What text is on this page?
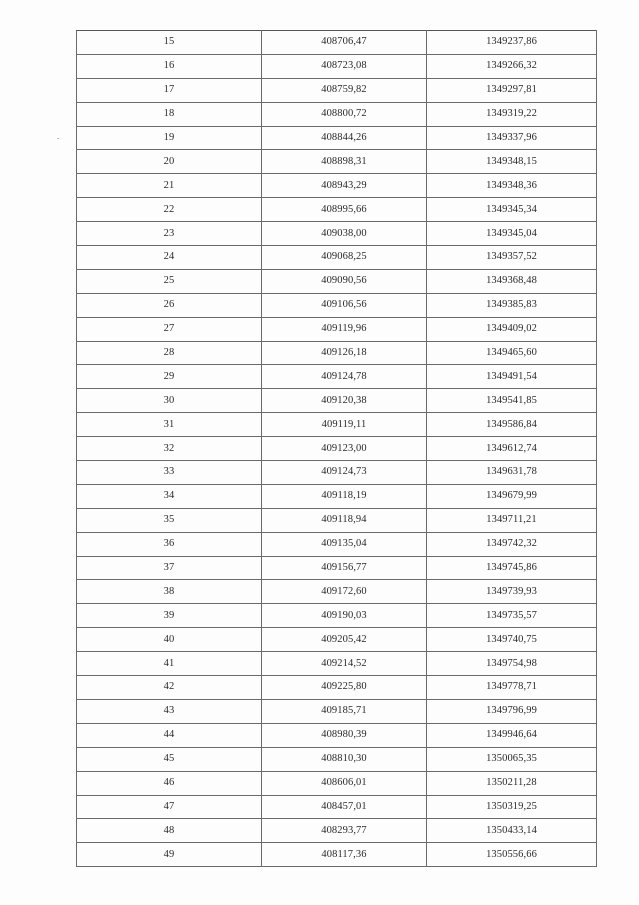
15	408706,47	1349237,86
16	408723,08	1349266,32
17	408759,82	1349297,81
18	408800,72	1349319,22
19	408844,26	1349337,96
20	408898,31	1349348,15
21	408943,29	1349348,36
22	408995,66	1349345,34
23	409038,00	1349345,04
24	409068,25	1349357,52
25	409090,56	1349368,48
26	409106,56	1349385,83
27	409119,96	1349409,02
28	409126,18	1349465,60
29	409124,78	1349491,54
30	409120,38	1349541,85
31	409119,11	1349586,84
32	409123,00	1349612,74
33	409124,73	1349631,78
34	409118,19	1349679,99
35	409118,94	1349711,21
36	409135,04	1349742,32
37	409156,77	1349745,86
38	409172,60	1349739,93
39	409190,03	1349735,57
40	409205,42	1349740,75
41	409214,52	1349754,98
42	409225,80	1349778,71
43	409185,71	1349796,99
44	408980,39	1349946,64
45	408810,30	1350065,35
46	408606,01	1350211,28
47	408457,01	1350319,25
48	408293,77	1350433,14
49	408117,36	1350556,66
